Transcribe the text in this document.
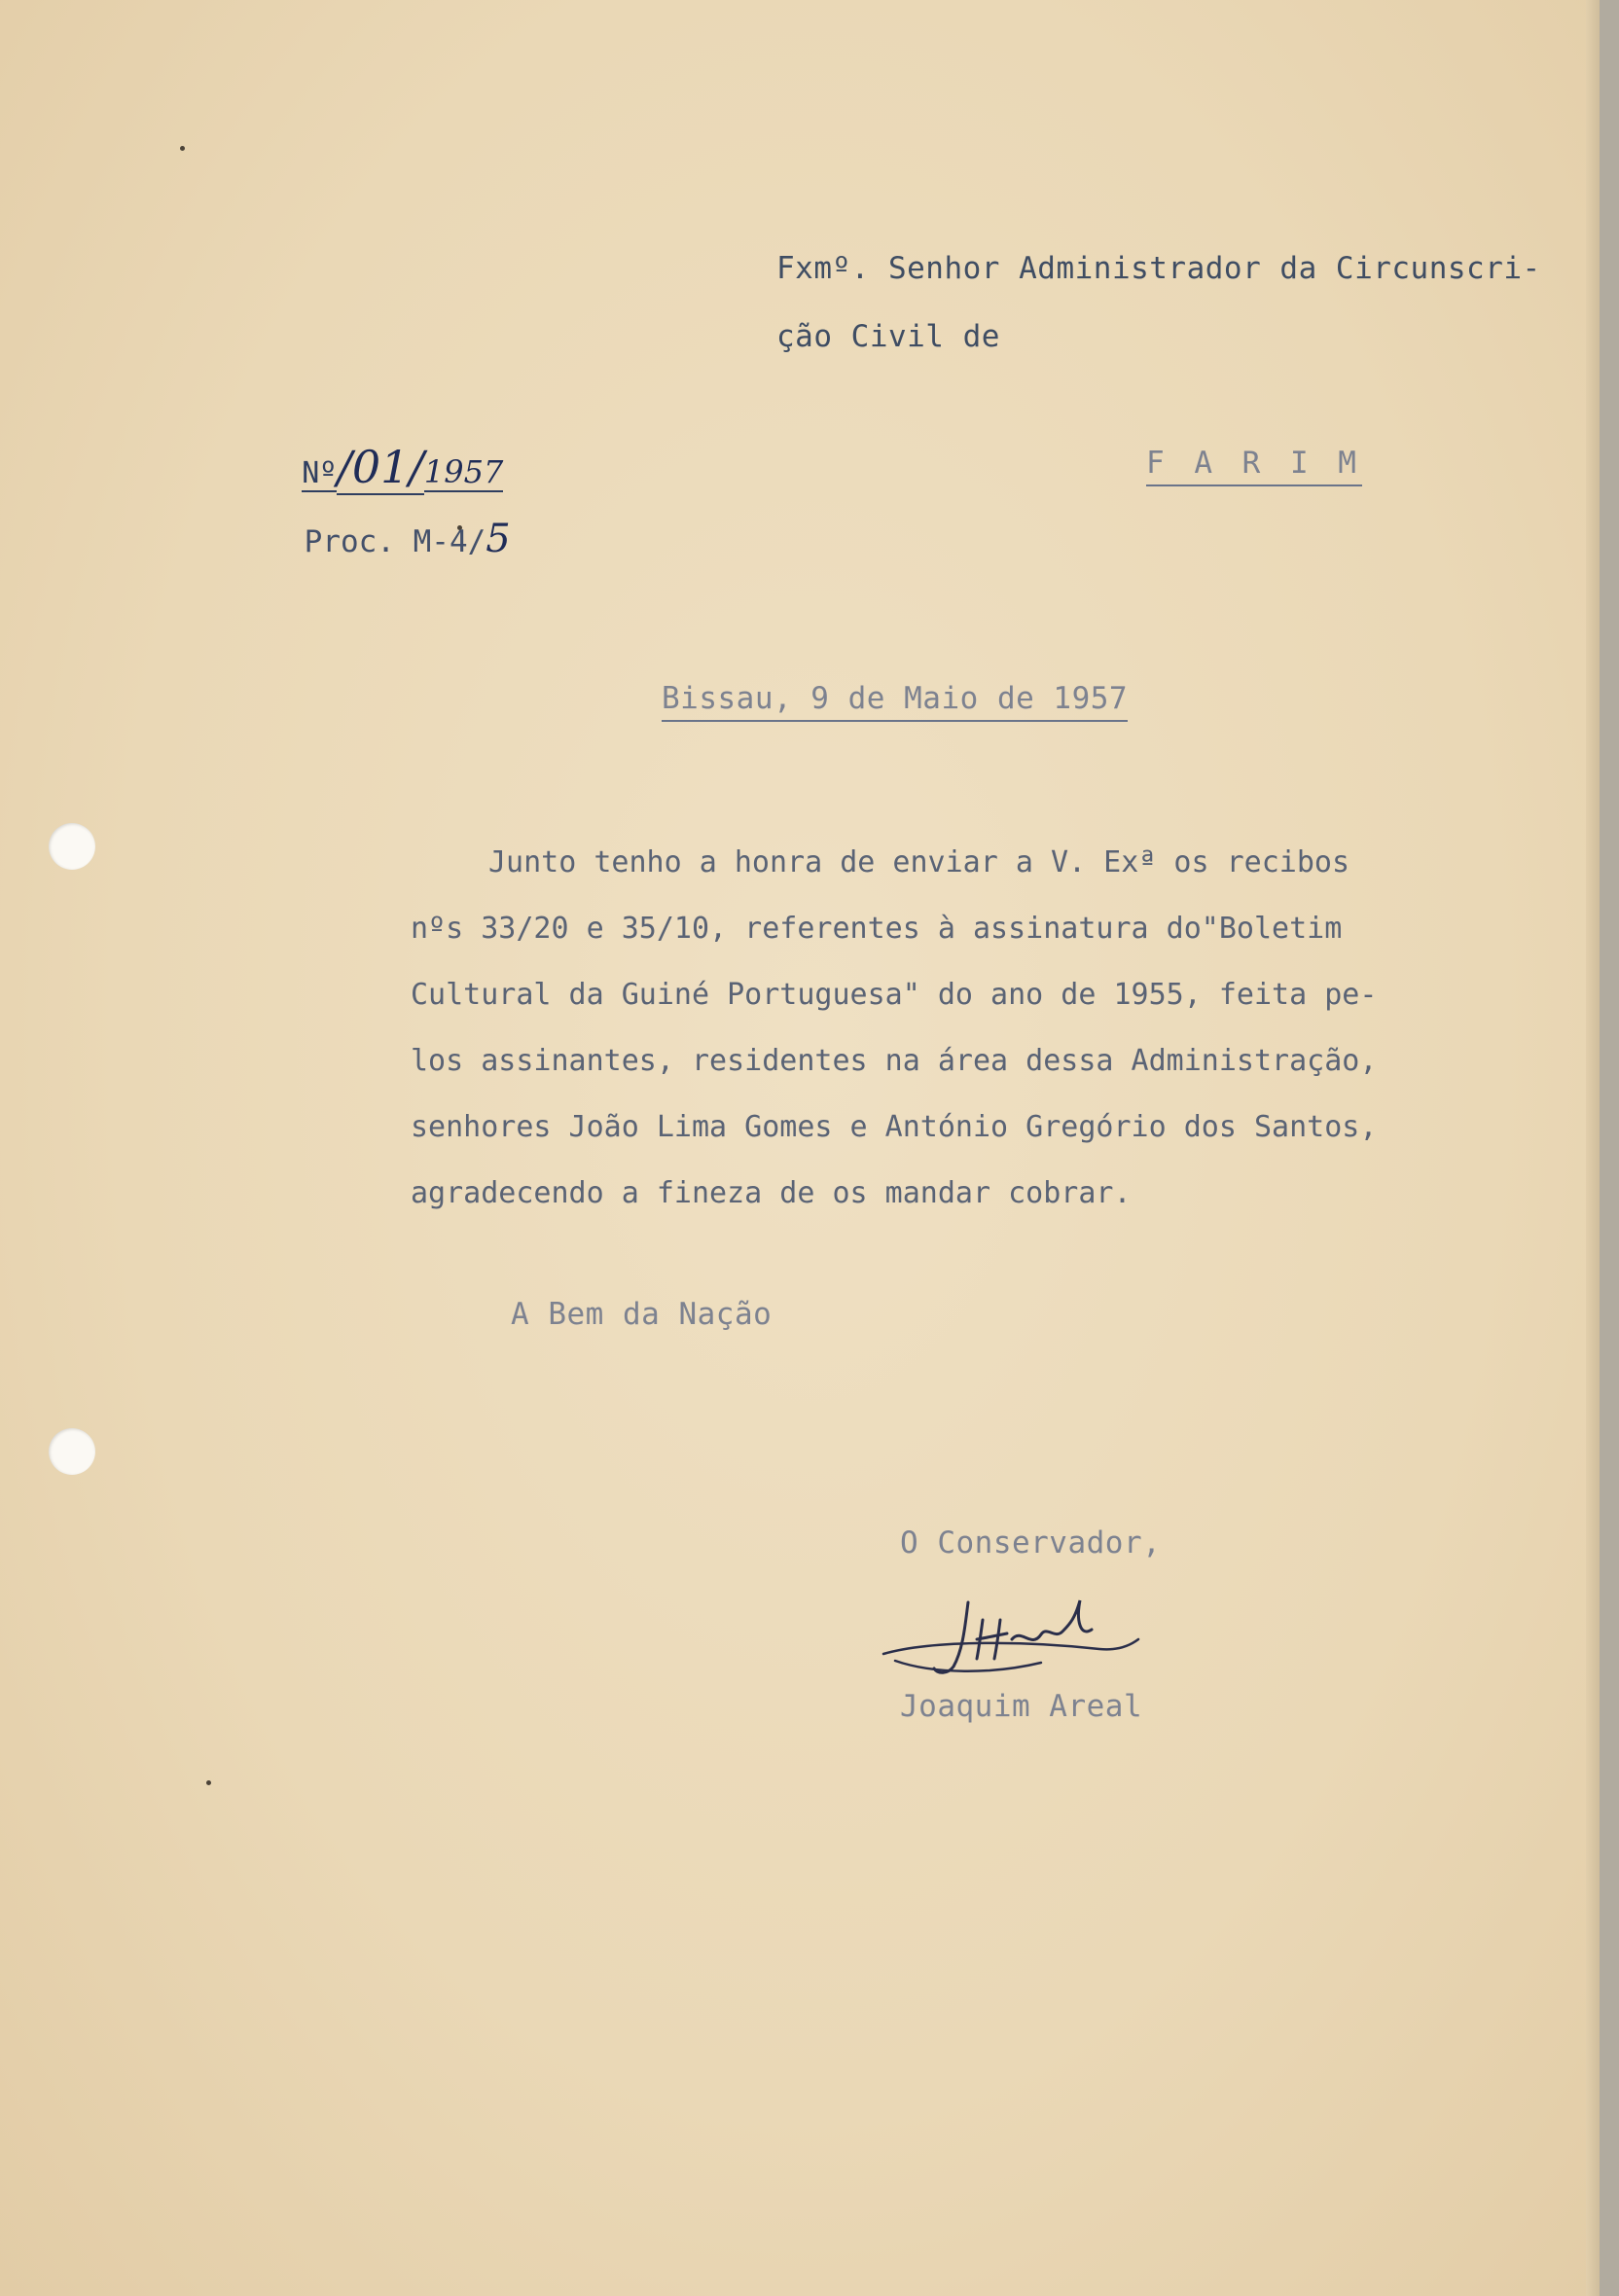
Fxmº. Senhor Administrador da Circunscri-
ção Civil de

Nº/01/1957

Proc. M-4/5

F A R I M
Bissau, 9 de Maio de 1957
Junto tenho a honra de enviar a V. Exª os recibos
nºs 33/20 e 35/10, referentes à assinatura do"Boletim
Cultural da Guiné Portuguesa" do ano de 1955, feita pe-
los assinantes, residentes na área dessa Administração,
senhores João Lima Gomes e António Gregório dos Santos,
agradecendo a fineza de os mandar cobrar.
A Bem da Nação
O Conservador,
Joaquim Areal
